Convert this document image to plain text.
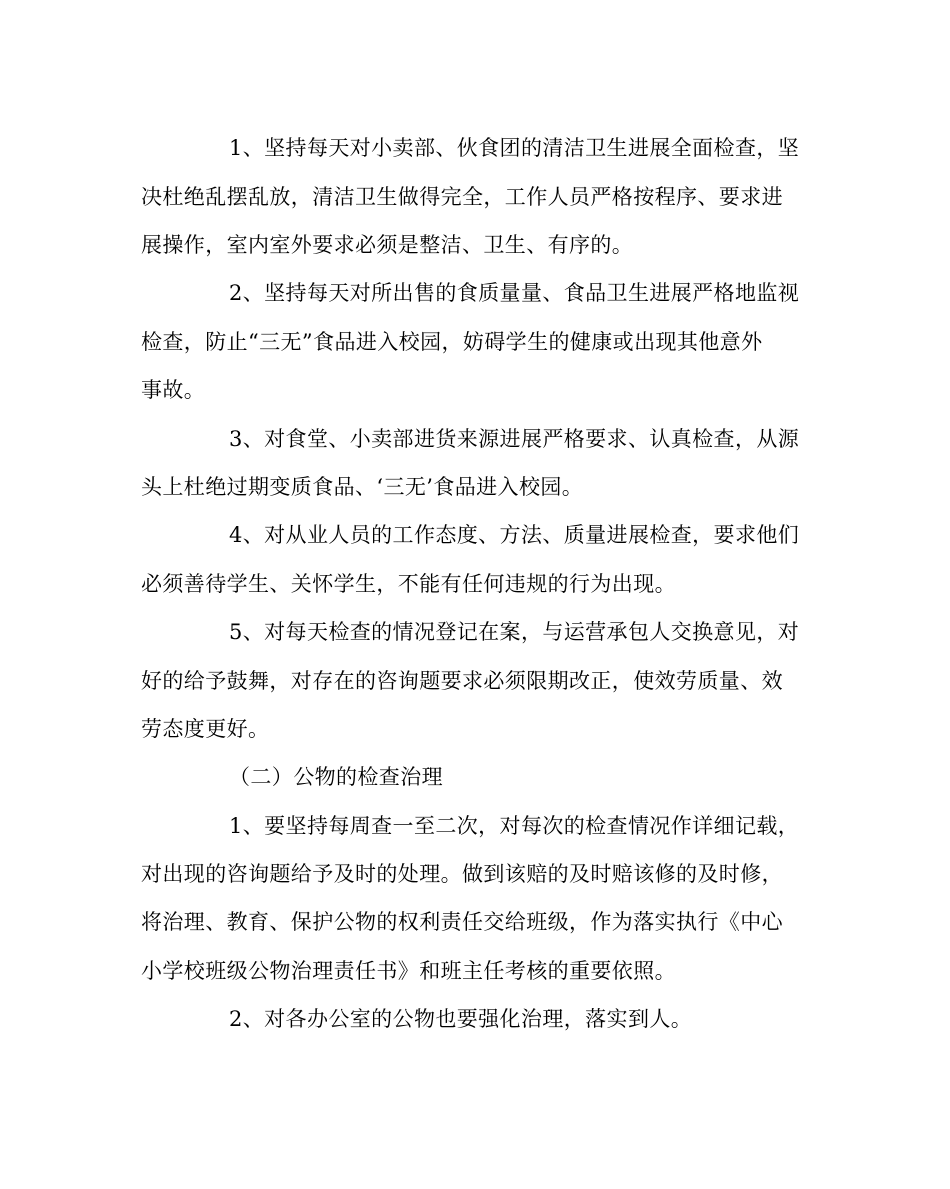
1、坚持每天对小卖部、伙食团的清洁卫生进展全面检查，坚
决杜绝乱摆乱放，清洁卫生做得完全，工作人员严格按程序、要求进
展操作，室内室外要求必须是整洁、卫生、有序的。
2、坚持每天对所出售的食质量量、食品卫生进展严格地监视
检查，防止“三无”食品进入校园，妨碍学生的健康或出现其他意外
事故。
3、对食堂、小卖部进货来源进展严格要求、认真检查，从源
头上杜绝过期变质食品、‘三无’食品进入校园。
4、对从业人员的工作态度、方法、质量进展检查，要求他们
必须善待学生、关怀学生，不能有任何违规的行为出现。
5、对每天检查的情况登记在案，与运营承包人交换意见，对
好的给予鼓舞，对存在的咨询题要求必须限期改正，使效劳质量、效
劳态度更好。
（二）公物的检查治理
1、要坚持每周查一至二次，对每次的检查情况作详细记载，
对出现的咨询题给予及时的处理。做到该赔的及时赔该修的及时修，
将治理、教育、保护公物的权利责任交给班级，作为落实执行《中心
小学校班级公物治理责任书》和班主任考核的重要依照。
2、对各办公室的公物也要强化治理，落实到人。
